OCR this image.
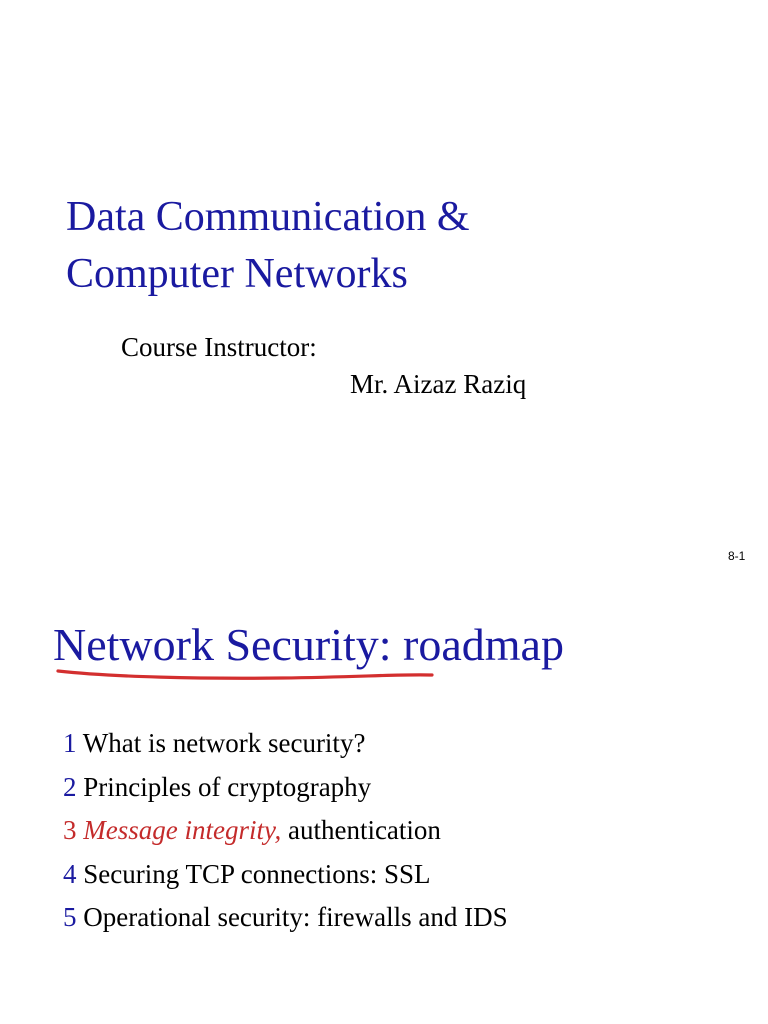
Data Communication &
Computer Networks
Course Instructor:
Mr. Aizaz Raziq
8-1
Network Security: roadmap
1 What is network security?
2 Principles of cryptography
3 Message integrity, authentication
4 Securing TCP connections: SSL
5 Operational security: firewalls and IDS
